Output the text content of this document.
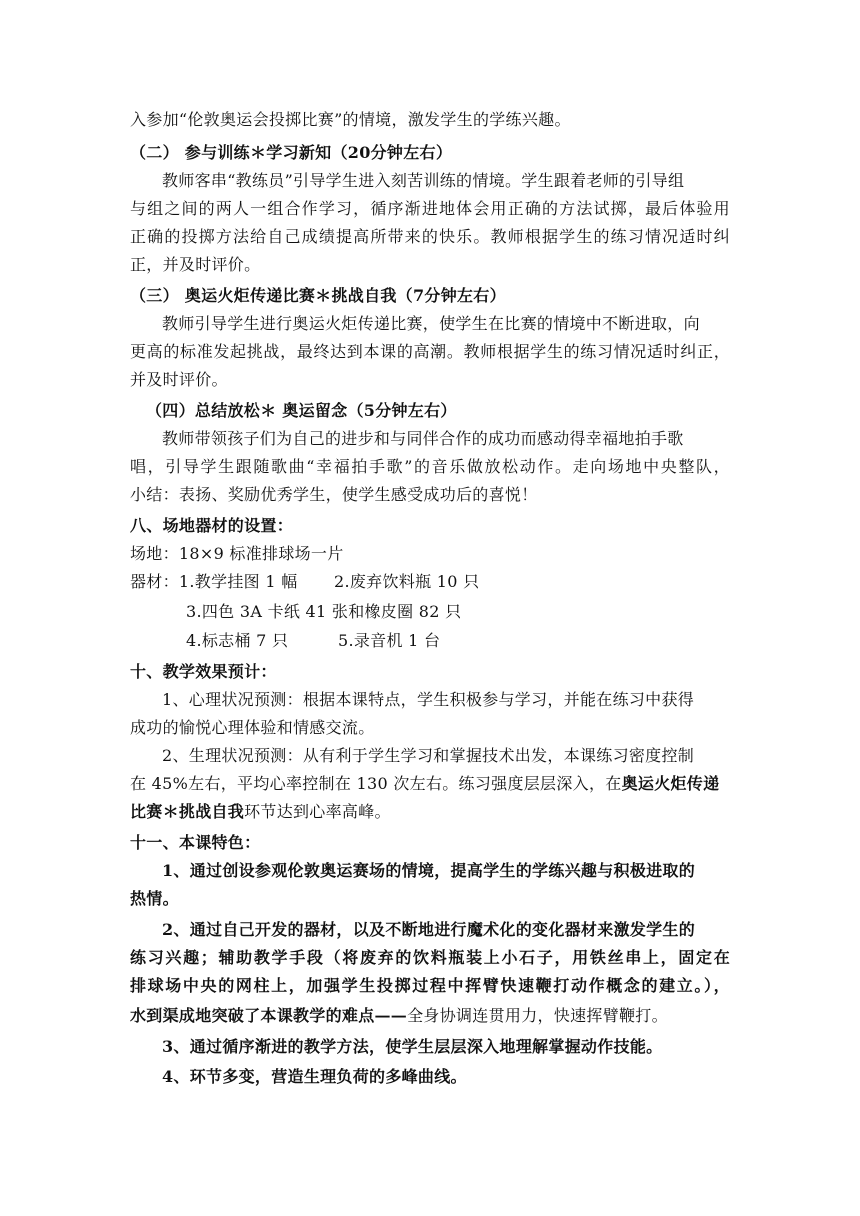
入参加“伦敦奥运会投掷比赛”的情境，激发学生的学练兴趣。
（二） 参与训练＊学习新知（20分钟左右）
教师客串“教练员”引导学生进入刻苦训练的情境。学生跟着老师的引导组
与组之间的两人一组合作学习，循序渐进地体会用正确的方法试掷，最后体验用
正确的投掷方法给自己成绩提高所带来的快乐。教师根据学生的练习情况适时纠
正，并及时评价。
（三） 奥运火炬传递比赛＊挑战自我（7分钟左右）
教师引导学生进行奥运火炬传递比赛，使学生在比赛的情境中不断进取，向
更高的标准发起挑战，最终达到本课的高潮。教师根据学生的练习情况适时纠正，
并及时评价。
（四）总结放松＊ 奥运留念（5分钟左右）
教师带领孩子们为自己的进步和与同伴合作的成功而感动得幸福地拍手歌
唱，引导学生跟随歌曲“幸福拍手歌”的音乐做放松动作。走向场地中央整队，
小结：表扬、奖励优秀学生，使学生感受成功后的喜悦！
八、场地器材的设置：
场地：18×9 标准排球场一片
器材：1.教学挂图 1 幅	2.废弃饮料瓶 10 只
3.四色 3A 卡纸 41 张和橡皮圈 82 只
4.标志桶 7 只	5.录音机 1 台
十、教学效果预计：
1、心理状况预测：根据本课特点，学生积极参与学习，并能在练习中获得
成功的愉悦心理体验和情感交流。
2、生理状况预测：从有利于学生学习和掌握技术出发，本课练习密度控制
在 45%左右，平均心率控制在 130 次左右。练习强度层层深入，在奥运火炬传递
比赛＊挑战自我环节达到心率高峰。
十一、本课特色：
1、通过创设参观伦敦奥运赛场的情境，提高学生的学练兴趣与积极进取的
热情。
2、通过自己开发的器材，以及不断地进行魔术化的变化器材来激发学生的
练习兴趣；辅助教学手段（将废弃的饮料瓶装上小石子，用铁丝串上，固定在
排球场中央的网柱上，加强学生投掷过程中挥臂快速鞭打动作概念的建立。），
水到渠成地突破了本课教学的难点——全身协调连贯用力，快速挥臂鞭打。
3、通过循序渐进的教学方法，使学生层层深入地理解掌握动作技能。
4、环节多变，营造生理负荷的多峰曲线。
